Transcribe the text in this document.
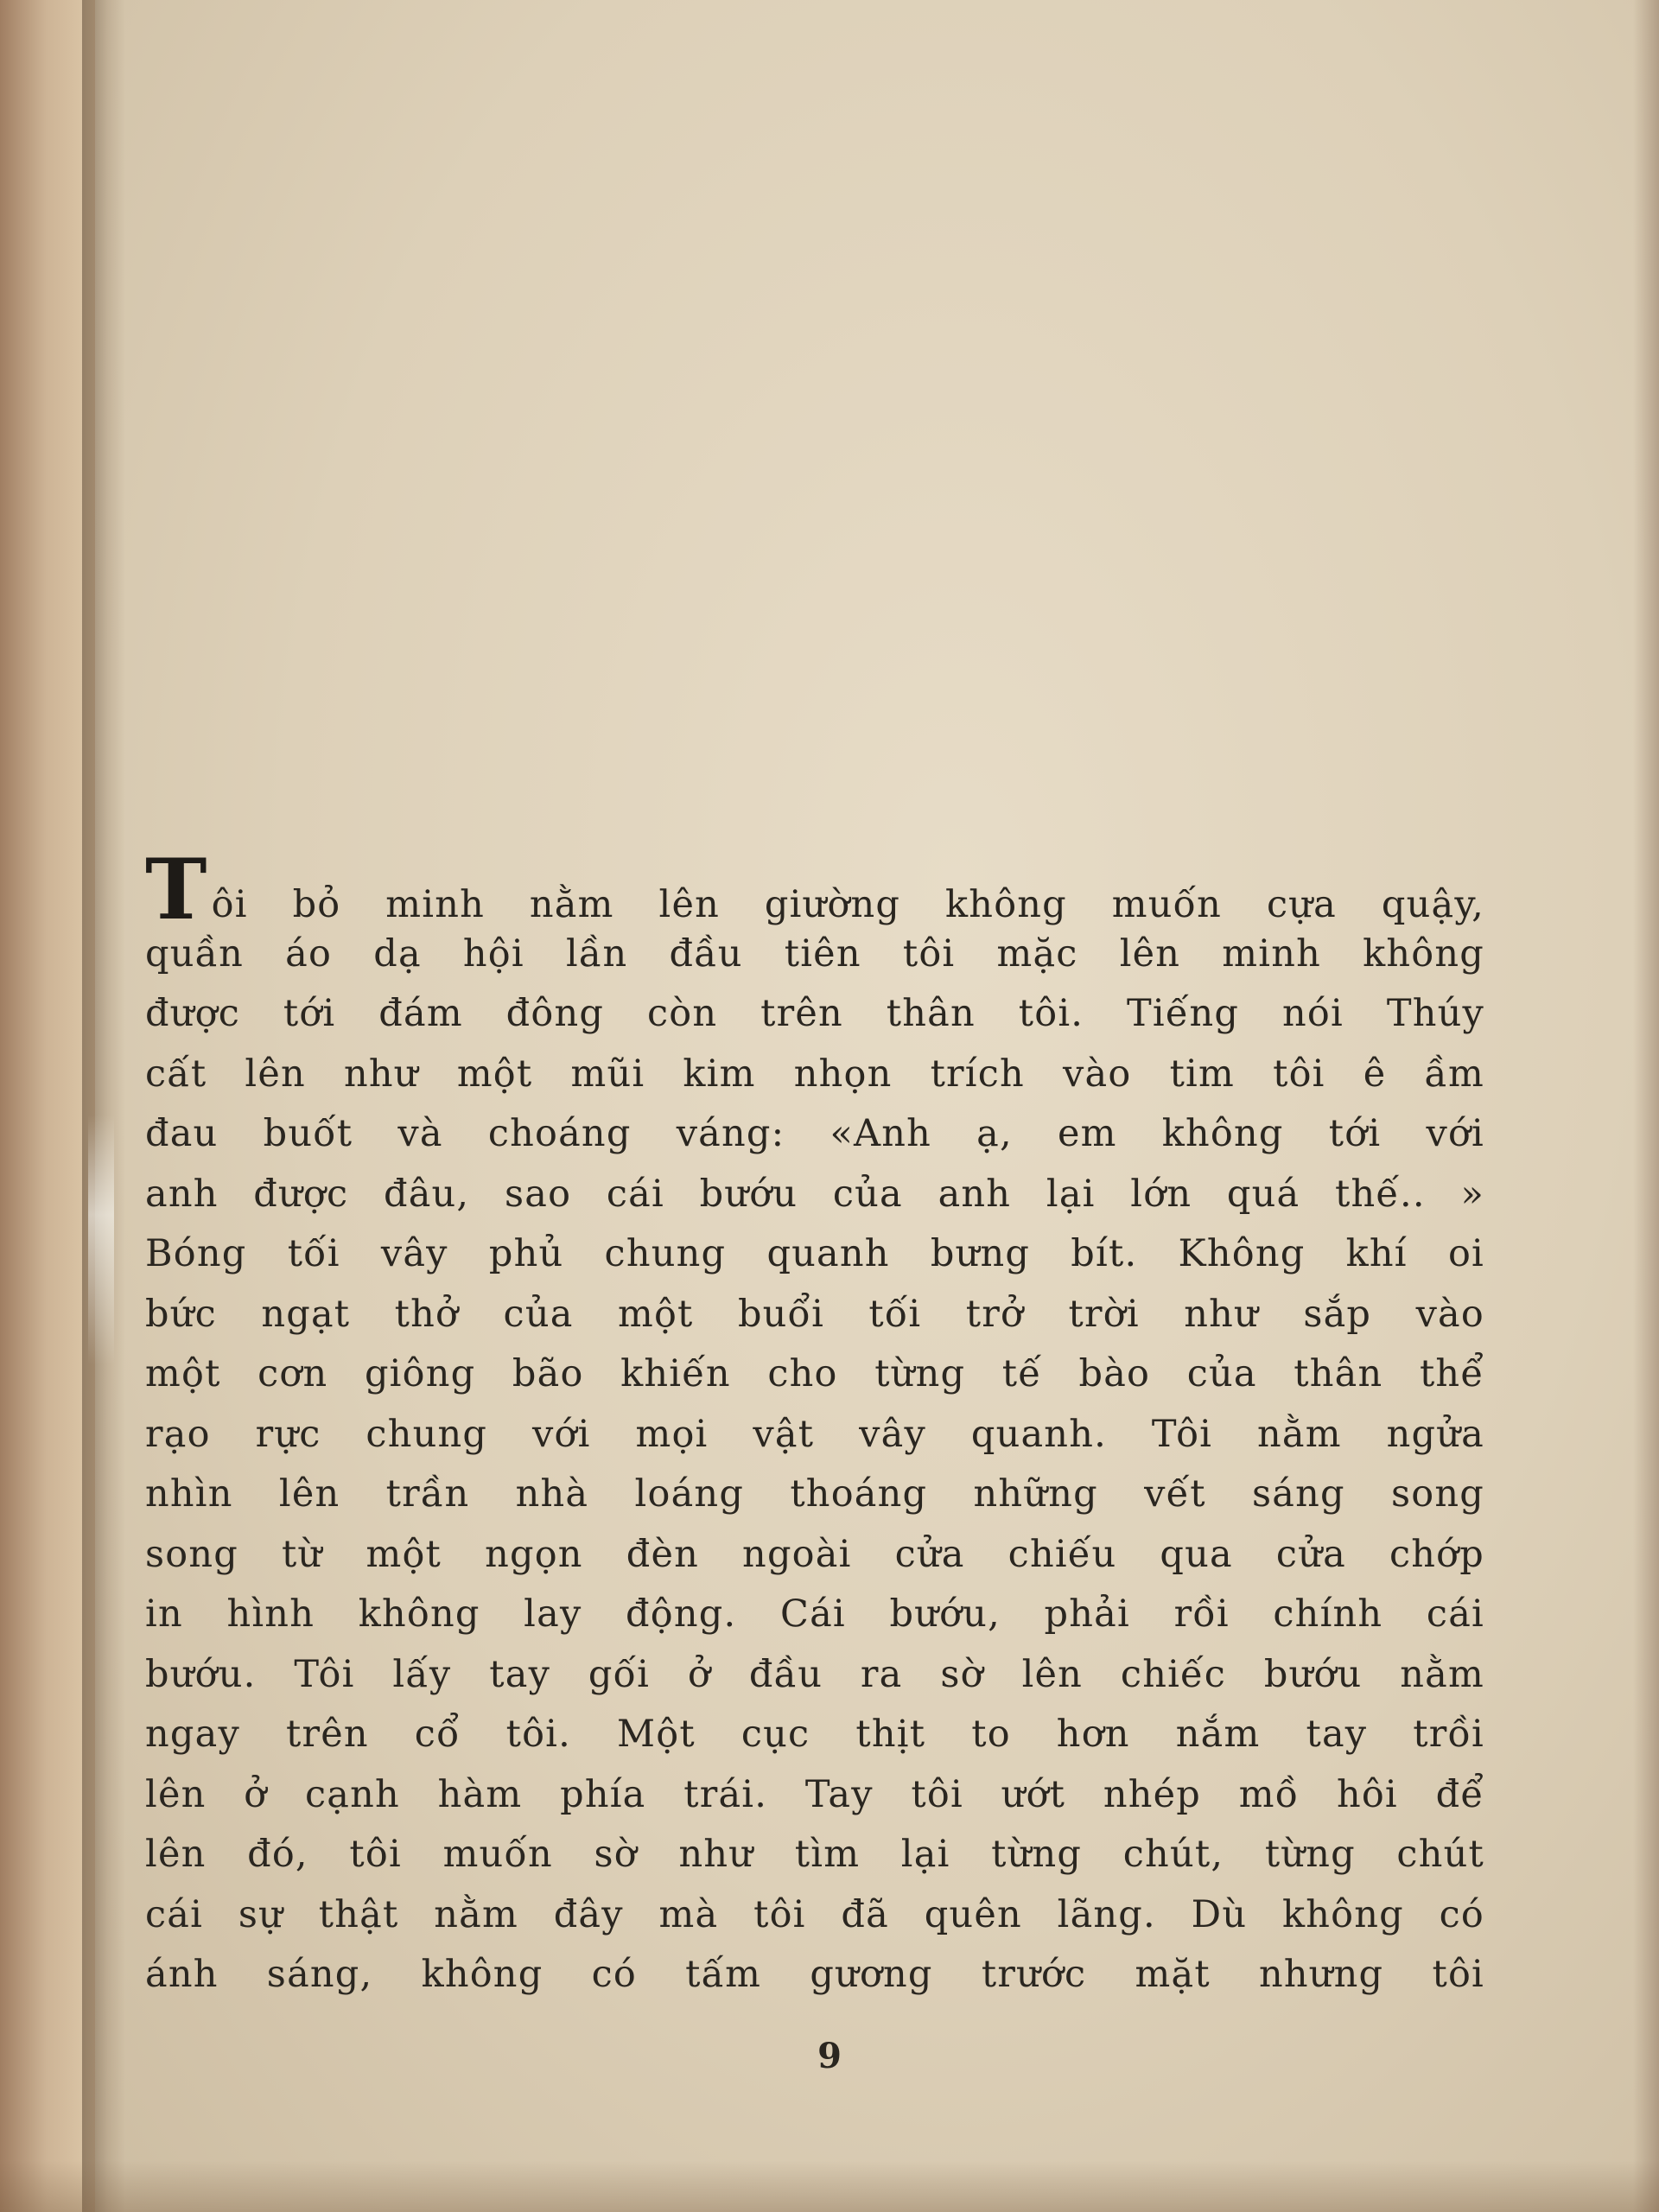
Tôi bỏ minh nằm lên giường không muốn cựa quậy,
quần áo dạ hội lần đầu tiên tôi mặc lên minh không
được tới đám đông còn trên thân tôi. Tiếng nói Thúy
cất lên như một mũi kim nhọn trích vào tim tôi ê ầm
đau buốt và choáng váng: «Anh ạ, em không tới với
anh được đâu, sao cái bướu của anh lại lớn quá thế.. »
Bóng tối vây phủ chung quanh bưng bít. Không khí oi
bức ngạt thở của một buổi tối trở trời như sắp vào
một cơn giông bão khiến cho từng tế bào của thân thể
rạo rực chung với mọi vật vây quanh. Tôi nằm ngửa
nhìn lên trần nhà loáng thoáng những vết sáng song
song từ một ngọn đèn ngoài cửa chiếu qua cửa chớp
in hình không lay động. Cái bướu, phải rồi chính cái
bướu. Tôi lấy tay gối ở đầu ra sờ lên chiếc bướu nằm
ngay trên cổ tôi. Một cục thịt to hơn nắm tay trồi
lên ở cạnh hàm phía trái. Tay tôi ướt nhép mồ hôi để
lên đó, tôi muốn sờ như tìm lại từng chút, từng chút
cái sự thật nằm đây mà tôi đã quên lãng. Dù không có
ánh sáng, không có tấm gương trước mặt nhưng tôi
9
